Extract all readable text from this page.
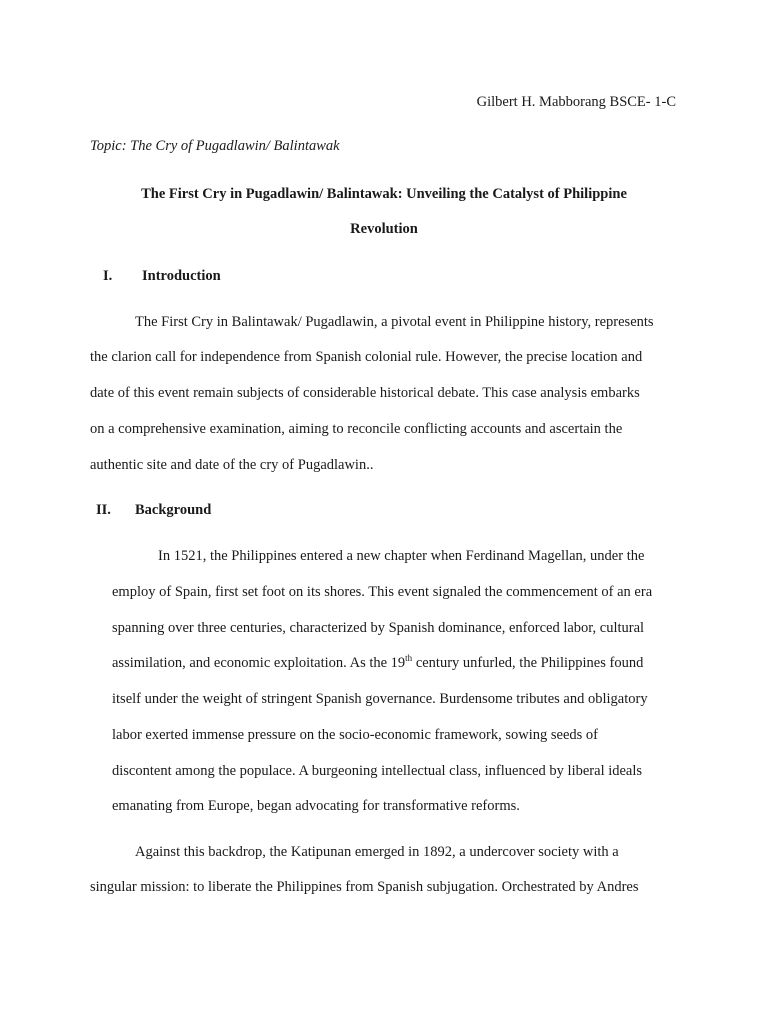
Gilbert H. Mabborang BSCE- 1-C
Topic: The Cry of Pugadlawin/ Balintawak
The First Cry in Pugadlawin/ Balintawak: Unveiling the Catalyst of Philippine
Revolution
I. Introduction
The First Cry in Balintawak/ Pugadlawin, a pivotal event in Philippine history, represents
the clarion call for independence from Spanish colonial rule. However, the precise location and
date of this event remain subjects of considerable historical debate. This case analysis embarks
on a comprehensive examination, aiming to reconcile conflicting accounts and ascertain the
authentic site and date of the cry of Pugadlawin..
II. Background
In 1521, the Philippines entered a new chapter when Ferdinand Magellan, under the
employ of Spain, first set foot on its shores. This event signaled the commencement of an era
spanning over three centuries, characterized by Spanish dominance, enforced labor, cultural
assimilation, and economic exploitation. As the 19th century unfurled, the Philippines found
itself under the weight of stringent Spanish governance. Burdensome tributes and obligatory
labor exerted immense pressure on the socio-economic framework, sowing seeds of
discontent among the populace. A burgeoning intellectual class, influenced by liberal ideals
emanating from Europe, began advocating for transformative reforms.
Against this backdrop, the Katipunan emerged in 1892, a undercover society with a
singular mission: to liberate the Philippines from Spanish subjugation. Orchestrated by Andres
